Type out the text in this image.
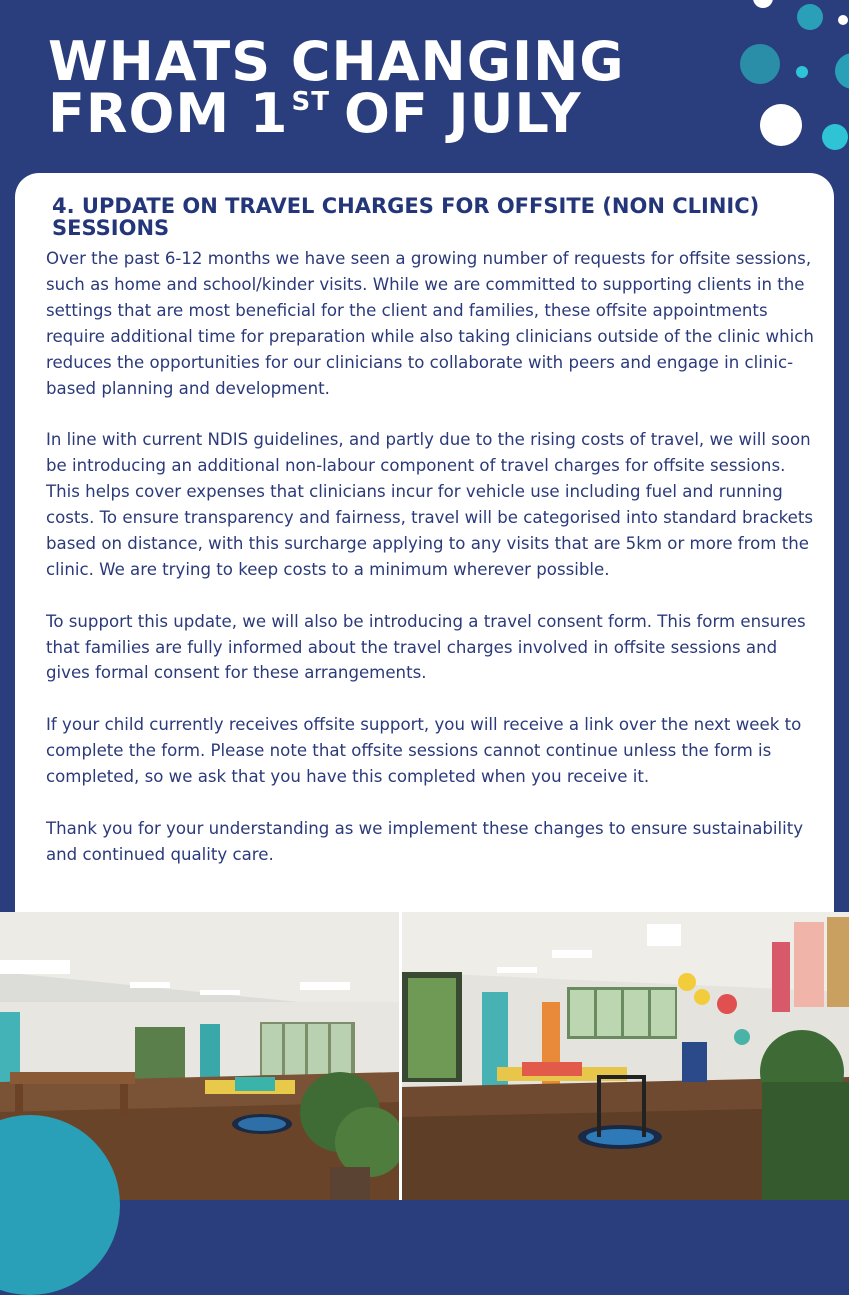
WHATS CHANGING
FROM 1 $^{ST}$ OF JULY
4. UPDATE ON TRAVEL CHARGES FOR OFFSITE (NON CLINIC) SESSIONS

Over the past 6-12 months we have seen a growing number of requests for offsite sessions, such as home and school/kinder visits. While we are committed to supporting clients in the settings that are most beneficial for the client and families, these offsite appointments require additional time for preparation while also taking clinicians outside of the clinic which reduces the opportunities for our clinicians to collaborate with peers and engage in clinic-based planning and development.

In line with current NDIS guidelines, and partly due to the rising costs of travel, we will soon be introducing an additional non-labour component of travel charges for offsite sessions. This helps cover expenses that clinicians incur for vehicle use including fuel and running costs. To ensure transparency and fairness, travel will be categorised into standard brackets based on distance, with this surcharge applying to any visits that are 5km or more from the clinic. We are trying to keep costs to a minimum wherever possible.

To support this update, we will also be introducing a travel consent form. This form ensures that families are fully informed about the travel charges involved in offsite sessions and gives formal consent for these arrangements.

If your child currently receives offsite support, you will receive a link over the next week to complete the form. Please note that offsite sessions cannot continue unless the form is completed, so we ask that you have this completed when you receive it.

Thank you for your understanding as we implement these changes to ensure sustainability and continued quality care.
